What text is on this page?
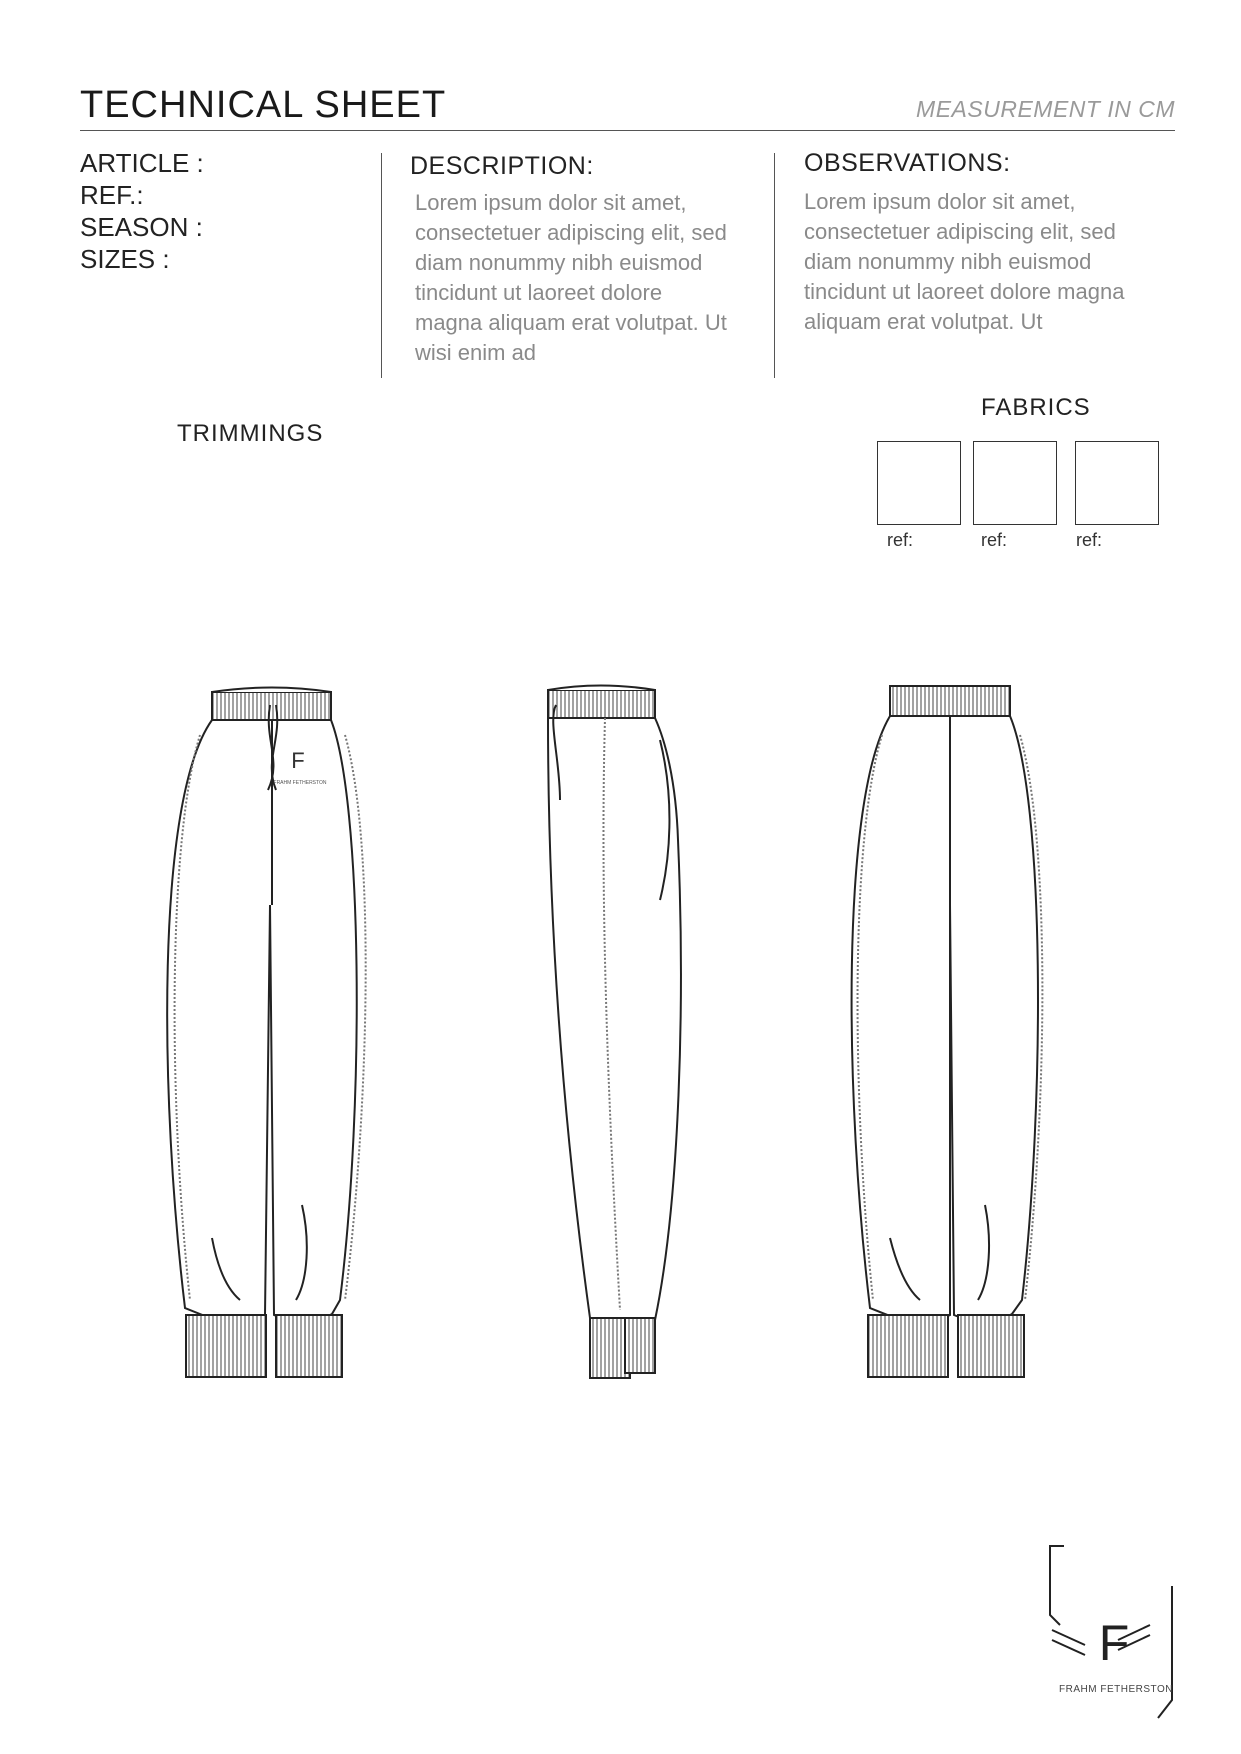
TECHNICAL SHEET	MEASUREMENT IN CM
ARTICLE :
REF.:
SEASON :
SIZES :
DESCRIPTION:
Lorem ipsum dolor sit amet,
consectetuer adipiscing elit, sed
diam nonummy nibh euismod
tincidunt ut laoreet dolore
magna aliquam erat volutpat. Ut
wisi enim ad
OBSERVATIONS:
Lorem ipsum dolor sit amet,
consectetuer adipiscing elit, sed
diam nonummy nibh euismod
tincidunt ut laoreet dolore magna
aliquam erat volutpat. Ut
TRIMMINGS
FABRICS
ref:	ref:	ref:
F
FRAHM FETHERSTON
F
FRAHM FETHERSTON
